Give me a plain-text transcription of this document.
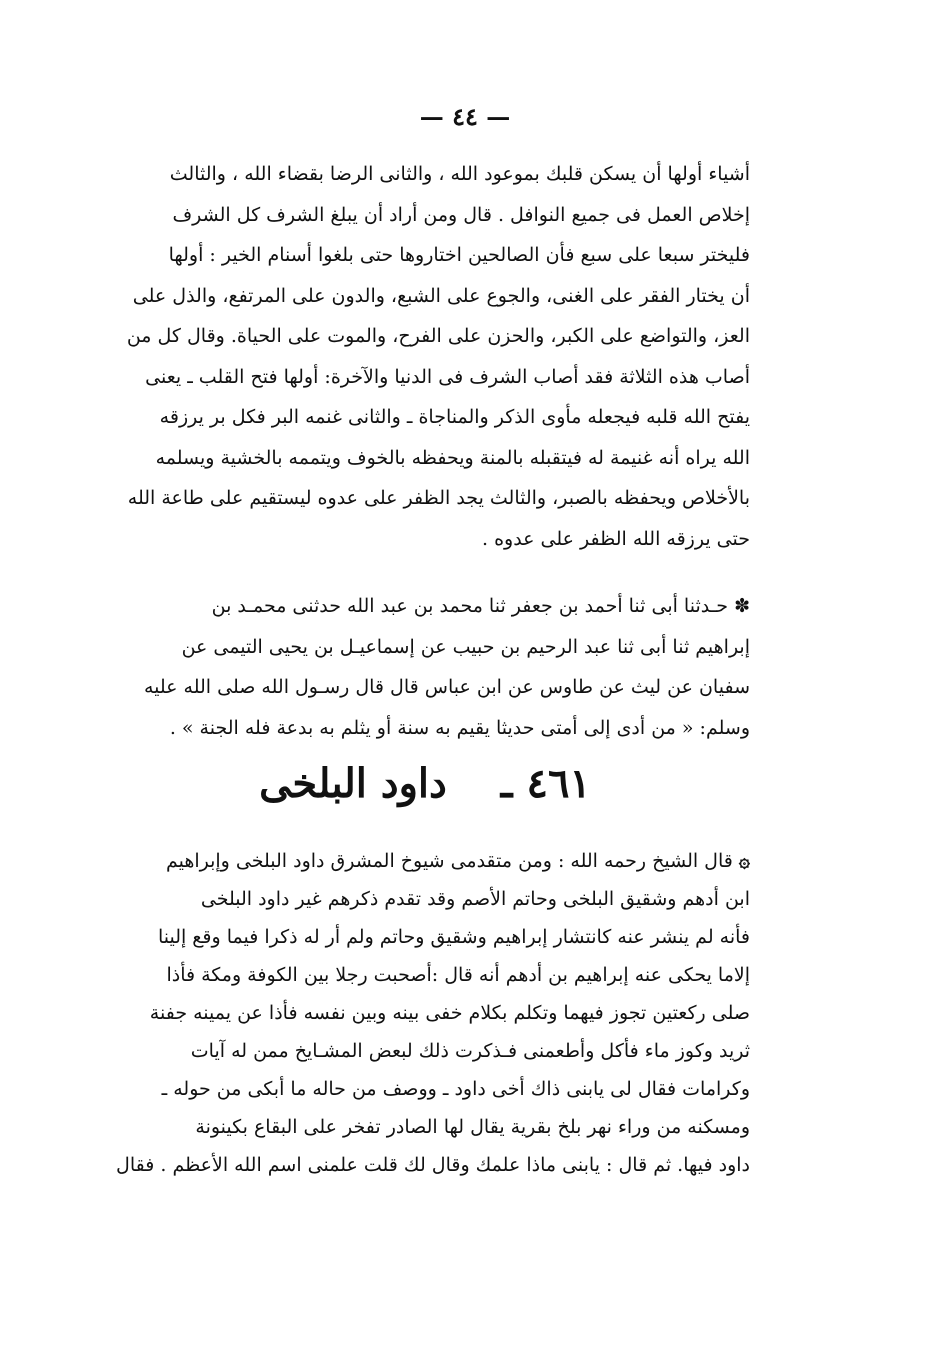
— ٤٤ —
أشياء أولها أن يسكن قلبك بموعود الله ، والثانى الرضا بقضاء الله ، والثالث
إخلاص العمل فى جميع النوافل . قال ومن أراد أن يبلغ الشرف كل الشرف
فليختر سبعا على سبع فأن الصالحين اختاروها حتى بلغوا أسنام الخير : أولها
أن يختار الفقر على الغنى، والجوع على الشبع، والدون على المرتفع، والذل على
العز، والتواضع على الكبر، والحزن على الفرح، والموت على الحياة. وقال كل من
أصاب هذه الثلاثة فقد أصاب الشرف فى الدنيا والآخرة: أولها فتح القلب ـ يعنى
يفتح الله قلبه فيجعله مأوى الذكر والمناجاة ـ والثانى غنمه البر فكل بر يرزقه
الله يراه أنه غنيمة له فيتقبله بالمنة ويحفظه بالخوف ويتممه بالخشية ويسلمه
بالأخلاص ويحفظه بالصبر، والثالث يجد الظفر على عدوه ليستقيم على طاعة الله
حتى يرزقه الله الظفر على عدوه .
✽ حـدثنا أبى ثنا أحمد بن جعفر ثنا محمد بن عبد الله حدثنى محمـد بن
إبراهيم ثنا أبى ثنا عبد الرحيم بن حبيب عن إسماعيـل بن يحيى التيمى عن
سفيان عن ليث عن طاوس عن ابن عباس قال قال رسـول الله صلى الله عليه
وسلم: « من أدى إلى أمتى حديثا يقيم به سنة أو يثلم به بدعة فله الجنة » .
٤٦١ ـ داود البلخى
۞قال الشيخ رحمه الله : ومن متقدمى شيوخ المشرق داود البلخى وإبراهيم
ابن أدهم وشقيق البلخى وحاتم الأصم وقد تقدم ذكرهم غير داود البلخى
فأنه لم ينشر عنه كانتشار إبراهيم وشقيق وحاتم ولم أر له ذكرا فيما وقع إلينا
إلاما يحكى عنه إبراهيم بن أدهم أنه قال :أصحبت رجلا بين الكوفة ومكة فأذا
صلى ركعتين تجوز فيهما وتكلم بكلام خفى بينه وبين نفسه فأذا عن يمينه جفنة
ثريد وكوز ماء فأكل وأطعمنى فـذكرت ذلك لبعض المشـايخ ممن له آيات
وكرامات فقال لى يابنى ذاك أخى داود ـ ووصف من حاله ما أبكى من حوله ـ
ومسكنه من وراء نهر بلخ بقرية يقال لها الصادر تفخر على البقاع بكينونة
داود فيها. ثم قال : يابنى ماذا علمك وقال لك قلت علمنى اسم الله الأعظم . فقال
